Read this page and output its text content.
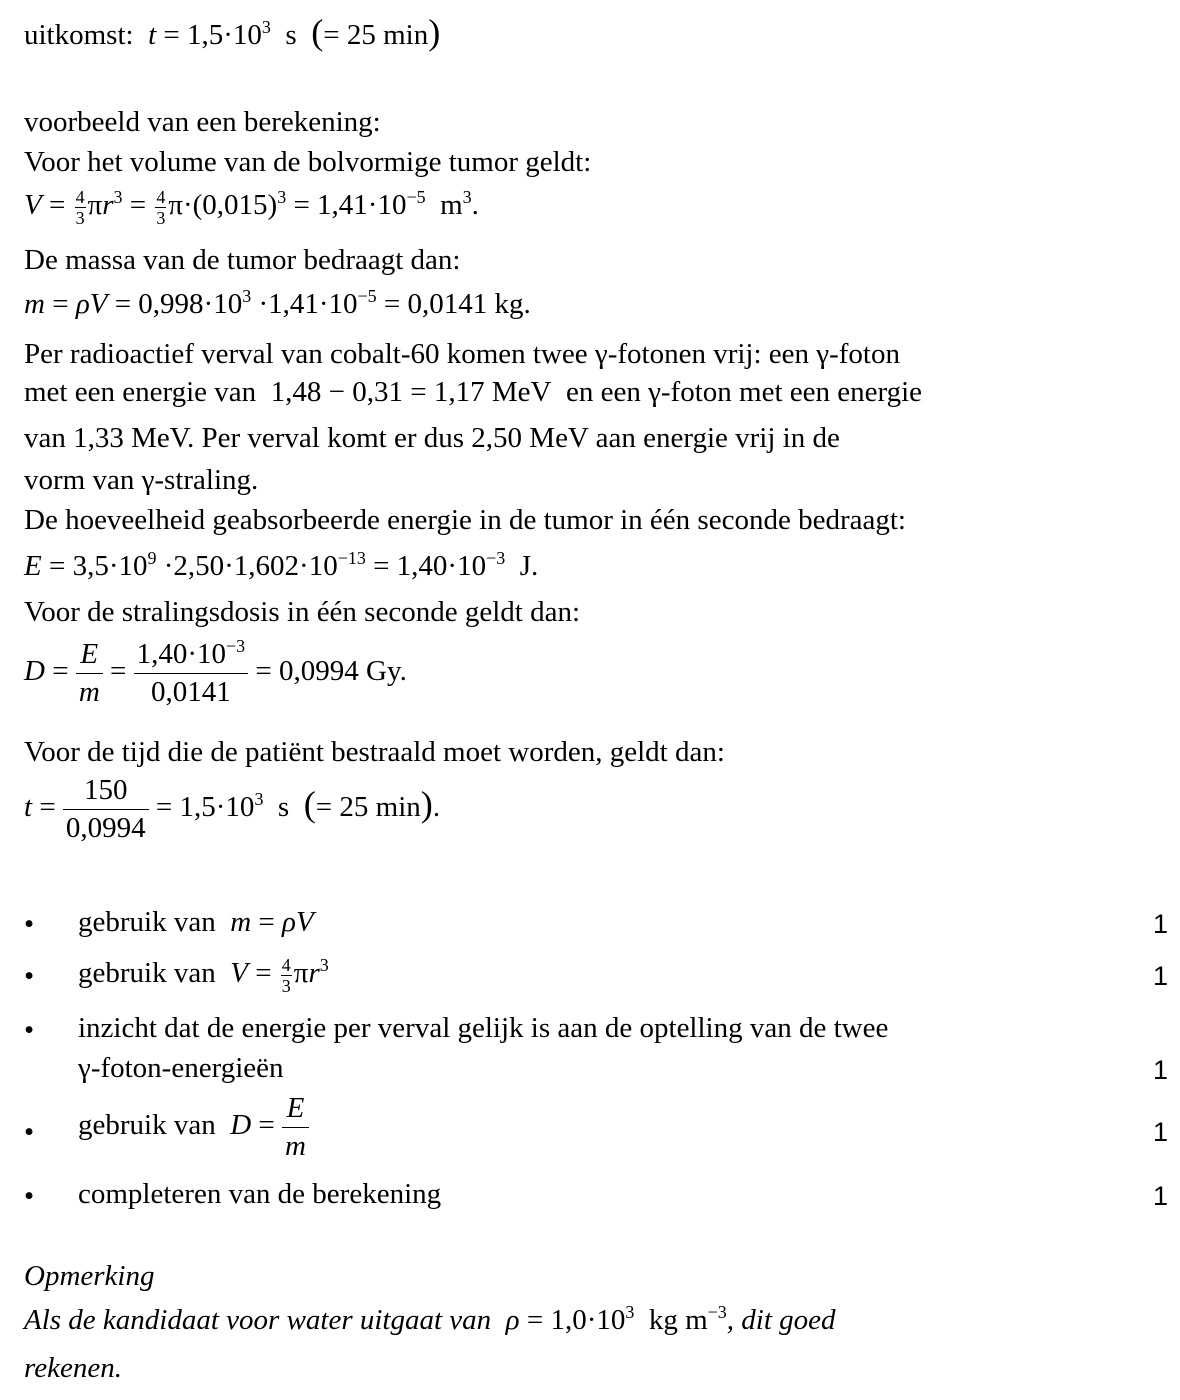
uitkomst: $t = 1,5\cdot 10^3$  s  (= 25 min)
voorbeeld van een berekening:
Voor het volume van de bolvormige tumor geldt:
$V = \frac{4}{3} \pi r^3 = \frac{4}{3} \pi\cdot(0,015)^3 = 1,41\cdot 10^{-5}$  $m^3$.
De massa van de tumor bedraagt dan:
$m = \rho V = 0,998\cdot 10^3 \cdot 1,41\cdot 10^{-5} = 0,0141$ kg.
Per radioactief verval van cobalt-60 komen twee γ-fotonen vrij: een γ-foton
met een energie van 1,48 − 0,31 = 1,17 MeV en een γ-foton met een energie
van 1,33 MeV. Per verval komt er dus 2,50 MeV aan energie vrij in de
vorm van γ-straling.
De hoeveelheid geabsorbeerde energie in de tumor in één seconde bedraagt:
$E = 3,5\cdot 10^9 \cdot 2,50\cdot 1,602\cdot 10^{-13} = 1,40\cdot 10^{-3}$  J.
Voor de stralingsdosis in één seconde geldt dan:
$D = \frac{E}{m} = \frac{1,40\cdot 10^{-3}}{0,0141} = 0,0994$ Gy.
Voor de tijd die de patiënt bestraald moet worden, geldt dan:
$t = \frac{150}{0,0994} = 1,5\cdot 10^3$  s  (= 25 min).
• gebruik van m = ρV	1
• gebruik van $V = \frac{4}{3} \pi r^3$	1
• inzicht dat de energie per verval gelijk is aan de optelling van de twee
γ-foton-energieën	1
• gebruik van $D = \frac{E}{m}$	1
• completeren van de berekening	1
Opmerking
Als de kandidaat voor water uitgaat van $\rho = 1,0\cdot 10^3$  kg $m^{-3}$, dit goed
rekenen.
